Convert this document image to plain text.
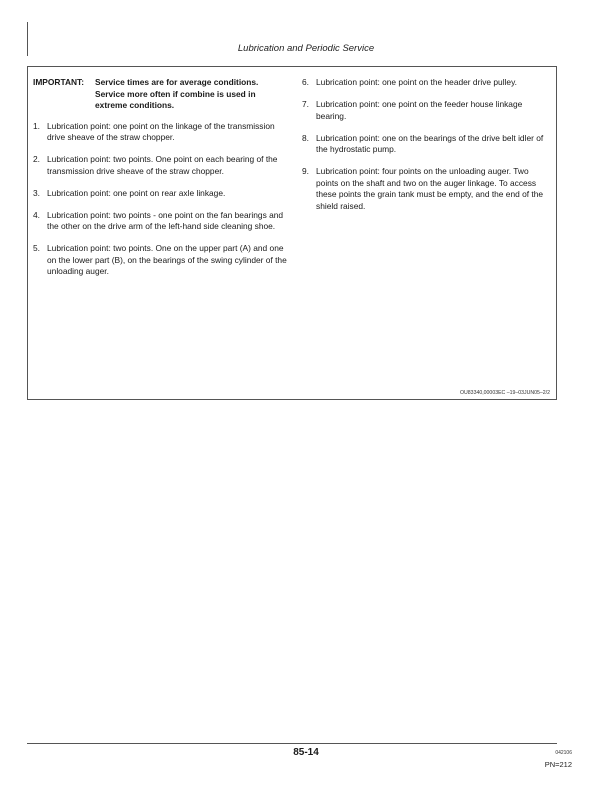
Lubrication and Periodic Service
IMPORTANT:	Service times are for average conditions. Service more often if combine is used in extreme conditions.
1. Lubrication point: one point on the linkage of the transmission drive sheave of the straw chopper.
2. Lubrication point: two points. One point on each bearing of the transmission drive sheave of the straw chopper.
3. Lubrication point: one point on rear axle linkage.
4. Lubrication point: two points - one point on the fan bearings and the other on the drive arm of the left-hand side cleaning shoe.
5. Lubrication point: two points. One on the upper part (A) and one on the lower part (B), on the bearings of the swing cylinder of the unloading auger.
6. Lubrication point: one point on the header drive pulley.
7. Lubrication point: one point on the feeder house linkage bearing.
8. Lubrication point: one on the bearings of the drive belt idler of the hydrostatic pump.
9. Lubrication point: four points on the unloading auger. Two points on the shaft and two on the auger linkage. To access these points the grain tank must be empty, and the end of the shield raised.
OU83340,00003EC –19–03JUN05–2/2
85-14	042106
PN=212
